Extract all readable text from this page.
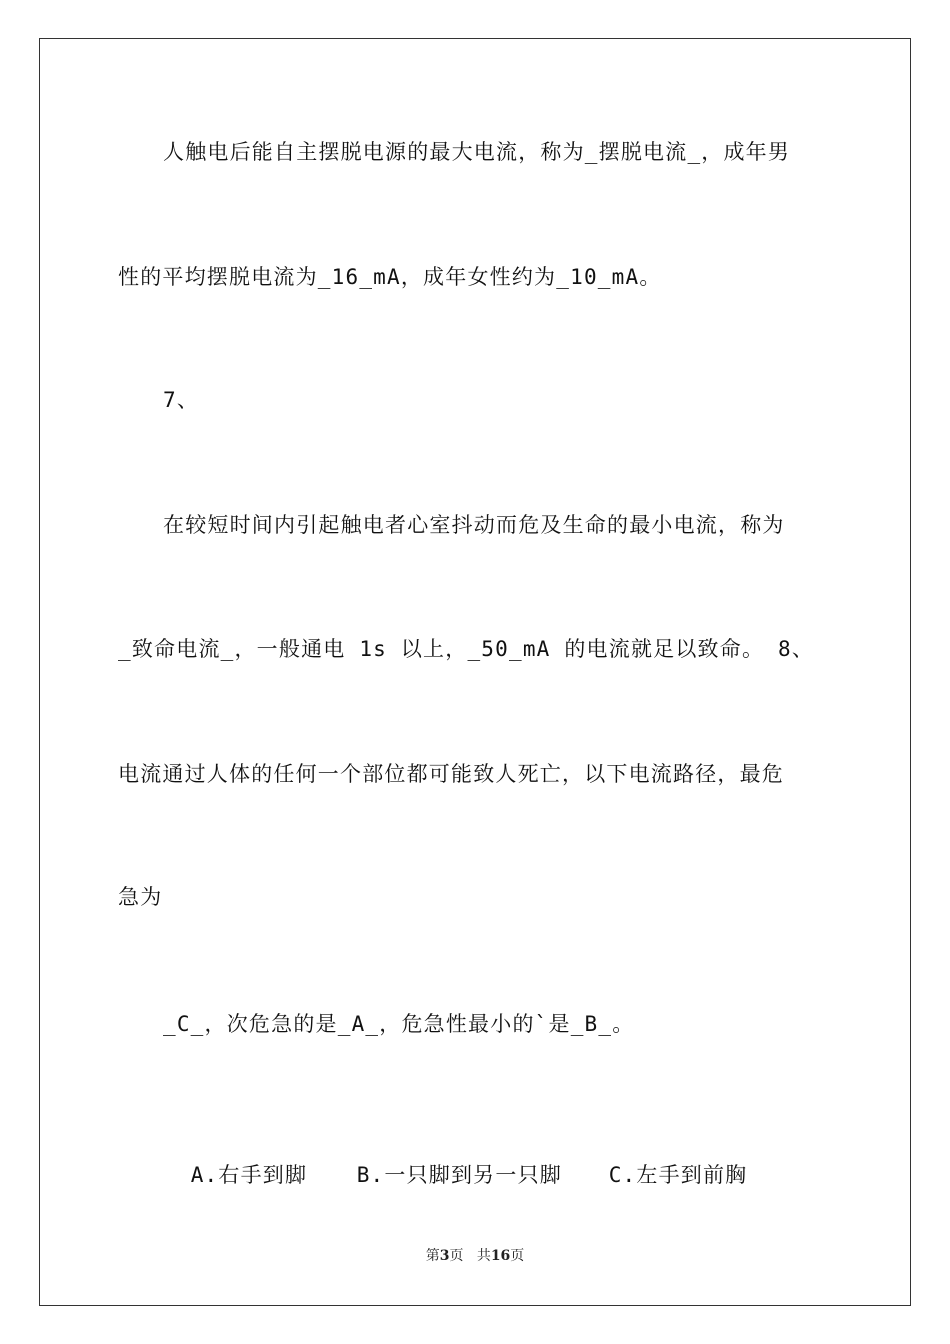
人触电后能自主摆脱电源的最大电流，称为_摆脱电流_，成年男
性的平均摆脱电流为_16_mA，成年女性约为_10_mA。
7、
在较短时间内引起触电者心室抖动而危及生命的最小电流，称为
_致命电流_，一般通电 1s 以上，_50_mA 的电流就足以致命。 8、
电流通过人体的任何一个部位都可能致人死亡，以下电流路径，最危
急为
_C_，次危急的是_A_，危急性最小的`是_B_。

A.右手到脚 B.一只脚到另一只脚 C.左手到前胸

第3页 共16页
